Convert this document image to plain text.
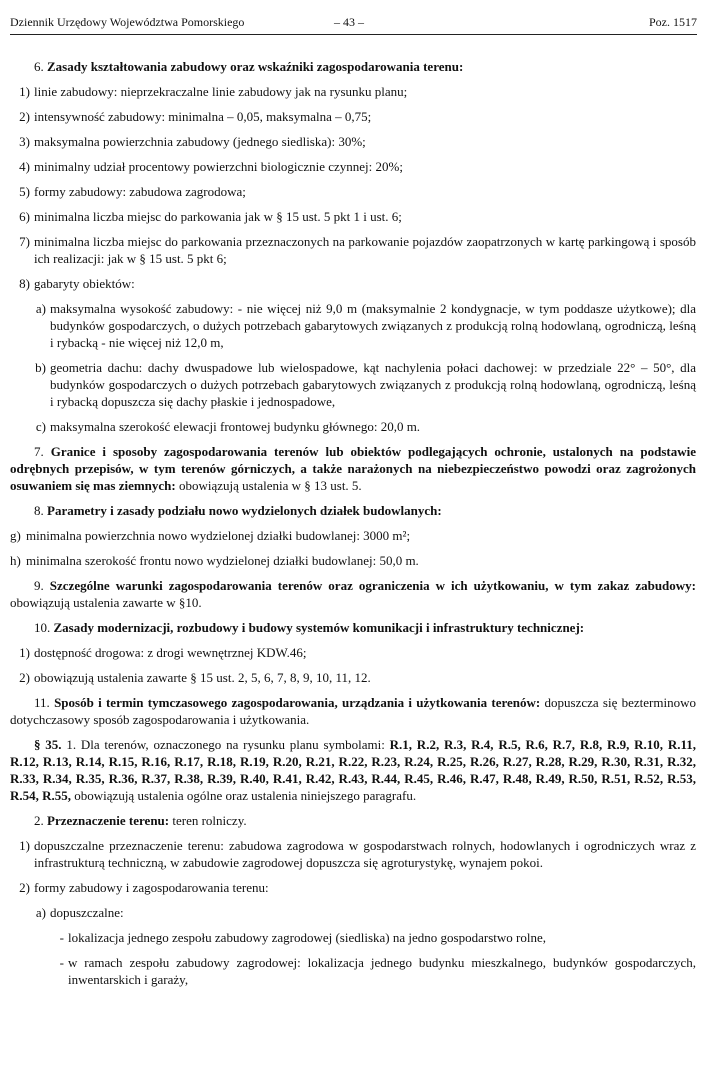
Dziennik Urzędowy Województwa Pomorskiego	– 43 –	Poz. 1517

6. Zasady kształtowania zabudowy oraz wskaźniki zagospodarowania terenu:

1) linie zabudowy: nieprzekraczalne linie zabudowy jak na rysunku planu;
2) intensywność zabudowy: minimalna – 0,05, maksymalna – 0,75;
3) maksymalna powierzchnia zabudowy (jednego siedliska): 30%;
4) minimalny udział procentowy powierzchni biologicznie czynnej: 20%;
5) formy zabudowy: zabudowa zagrodowa;
6) minimalna liczba miejsc do parkowania jak w § 15 ust. 5 pkt 1 i ust. 6;
7) minimalna liczba miejsc do parkowania przeznaczonych na parkowanie pojazdów zaopatrzonych w kartę parkingową i sposób ich realizacji: jak w § 15 ust. 5 pkt 6;
8) gabaryty obiektów:
a) maksymalna wysokość zabudowy: - nie więcej niż 9,0 m (maksymalnie 2 kondygnacje, w tym poddasze użytkowe); dla budynków gospodarczych, o dużych potrzebach gabarytowych związanych z produkcją rolną hodowlaną, ogrodniczą, leśną i rybacką - nie więcej niż 12,0 m,
b) geometria dachu: dachy dwuspadowe lub wielospadowe, kąt nachylenia połaci dachowej: w przedziale 22° – 50°, dla budynków gospodarczych o dużych potrzebach gabarytowych związanych z produkcją rolną hodowlaną, ogrodniczą, leśną i rybacką dopuszcza się dachy płaskie i jednospadowe,
c) maksymalna szerokość elewacji frontowej budynku głównego: 20,0 m.

7. Granice i sposoby zagospodarowania terenów lub obiektów podlegających ochronie, ustalonych na podstawie odrębnych przepisów, w tym terenów górniczych, a także narażonych na niebezpieczeństwo powodzi oraz zagrożonych osuwaniem się mas ziemnych: obowiązują ustalenia w § 13 ust. 5.

8. Parametry i zasady podziału nowo wydzielonych działek budowlanych:

g) minimalna powierzchnia nowo wydzielonej działki budowlanej: 3000 m²;
h) minimalna szerokość frontu nowo wydzielonej działki budowlanej: 50,0 m.

9. Szczególne warunki zagospodarowania terenów oraz ograniczenia w ich użytkowaniu, w tym zakaz zabudowy: obowiązują ustalenia zawarte w §10.

10. Zasady modernizacji, rozbudowy i budowy systemów komunikacji i infrastruktury technicznej:

1) dostępność drogowa: z drogi wewnętrznej KDW.46;
2) obowiązują ustalenia zawarte § 15 ust. 2, 5, 6, 7, 8, 9, 10, 11, 12.

11. Sposób i termin tymczasowego zagospodarowania, urządzania i użytkowania terenów: dopuszcza się bezterminowo dotychczasowy sposób zagospodarowania i użytkowania.

§ 35. 1. Dla terenów, oznaczonego na rysunku planu symbolami: R.1, R.2, R.3, R.4, R.5, R.6, R.7, R.8, R.9, R.10, R.11, R.12, R.13, R.14, R.15, R.16, R.17, R.18, R.19, R.20, R.21, R.22, R.23, R.24, R.25, R.26, R.27, R.28, R.29, R.30, R.31, R.32, R.33, R.34, R.35, R.36, R.37, R.38, R.39, R.40, R.41, R.42, R.43, R.44, R.45, R.46, R.47, R.48, R.49, R.50, R.51, R.52, R.53, R.54, R.55, obowiązują ustalenia ogólne oraz ustalenia niniejszego paragrafu.

2. Przeznaczenie terenu: teren rolniczy.

1) dopuszczalne przeznaczenie terenu: zabudowa zagrodowa w gospodarstwach rolnych, hodowlanych i ogrodniczych wraz z infrastrukturą techniczną, w zabudowie zagrodowej dopuszcza się agroturystykę, wynajem pokoi.
2) formy zabudowy i zagospodarowania terenu:
a) dopuszczalne:
- lokalizacja jednego zespołu zabudowy zagrodowej (siedliska) na jedno gospodarstwo rolne,
- w ramach zespołu zabudowy zagrodowej: lokalizacja jednego budynku mieszkalnego, budynków gospodarczych, inwentarskich i garaży,
